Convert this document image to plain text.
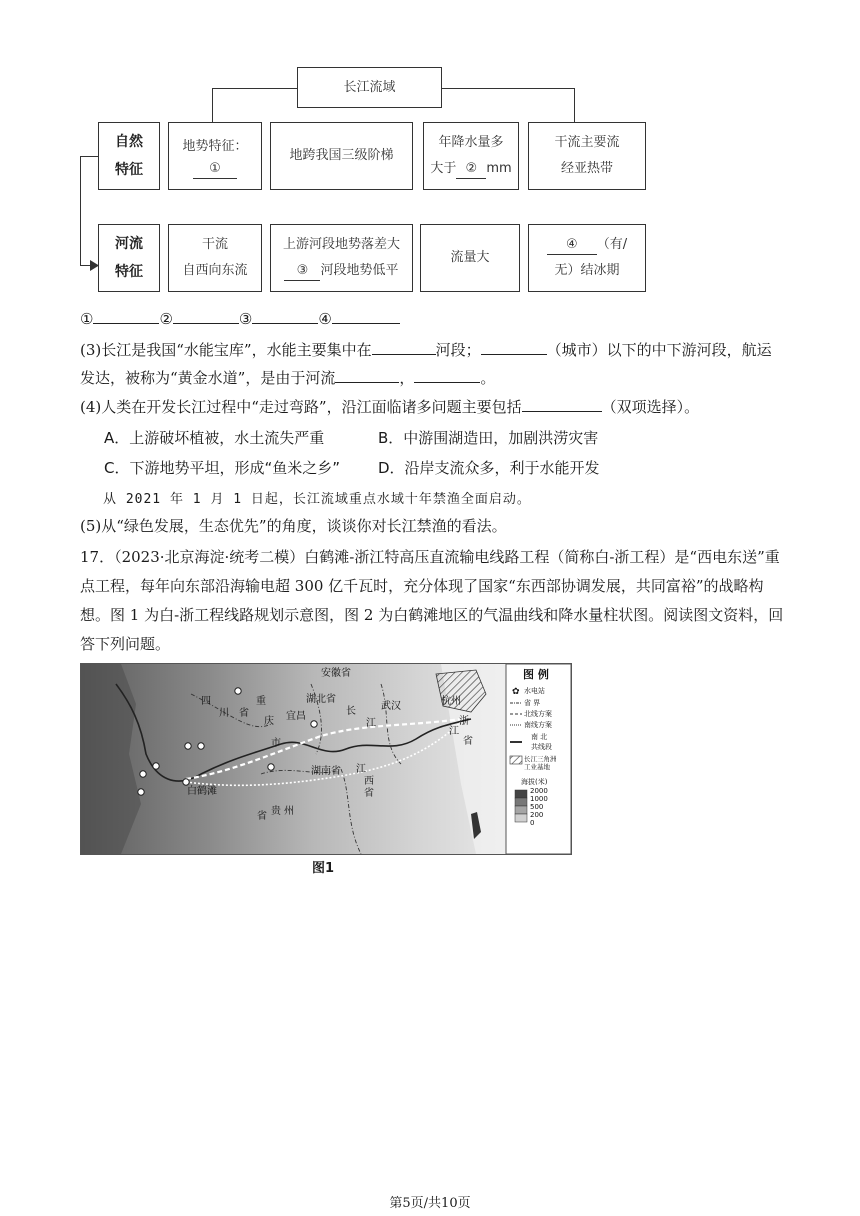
长江流域
自然
特征
地势特征：
①
地跨我国三级阶梯
年降水量多
大于 ② mm
干流主要流
经亚热带
河流
特征
干流
自西向东流
上游河段地势落差大
③ 河段地势低平
流量大
④ （有/
无）结冰期
①	②	③	④
(3)长江是我国“水能宝库”，水能主要集中在	河段；	（城市）以下的中下游河段，航运
发达，被称为“黄金水道”，是由于河流	，	。
(4)人类在开发长江过程中“走过弯路”，沿江面临诸多问题主要包括	（双项选择）。
A．上游破坏植被，水土流失严重	B．中游围湖造田，加剧洪涝灾害
C．下游地势平坦，形成“鱼米之乡”	D．沿岸支流众多，利于水能开发
从 2021 年 1 月 1 日起，长江流域重点水域十年禁渔全面启动。
(5)从“绿色发展，生态优先”的角度，谈谈你对长江禁渔的看法。
17．（2023·北京海淀·统考二模）白鹤滩-浙江特高压直流输电线路工程（简称白-浙工程）是“西电东送”重点工程，每年向东部沿海输电超 300 亿千瓦时，充分体现了国家“东西部协调发展，共同富裕”的战略构想。图 1 为白-浙工程线路规划示意图，图 2 为白鹤滩地区的气温曲线和降水量柱状图。阅读图文资料，回答下列问题。
安徽省
四
川 省
重
庆
市
湖北省
长
江
武汉
宜昌
杭州
浙
江
省
湖南省 江
西
省
白鹤滩
贵 州
省
图 例
✿ 水电站
省 界
北线方案
南线方案
南 北
共线段
长江三角洲
工业基地
海拔(米)
2000
1000
500
200
0
图1
第5页/共10页
